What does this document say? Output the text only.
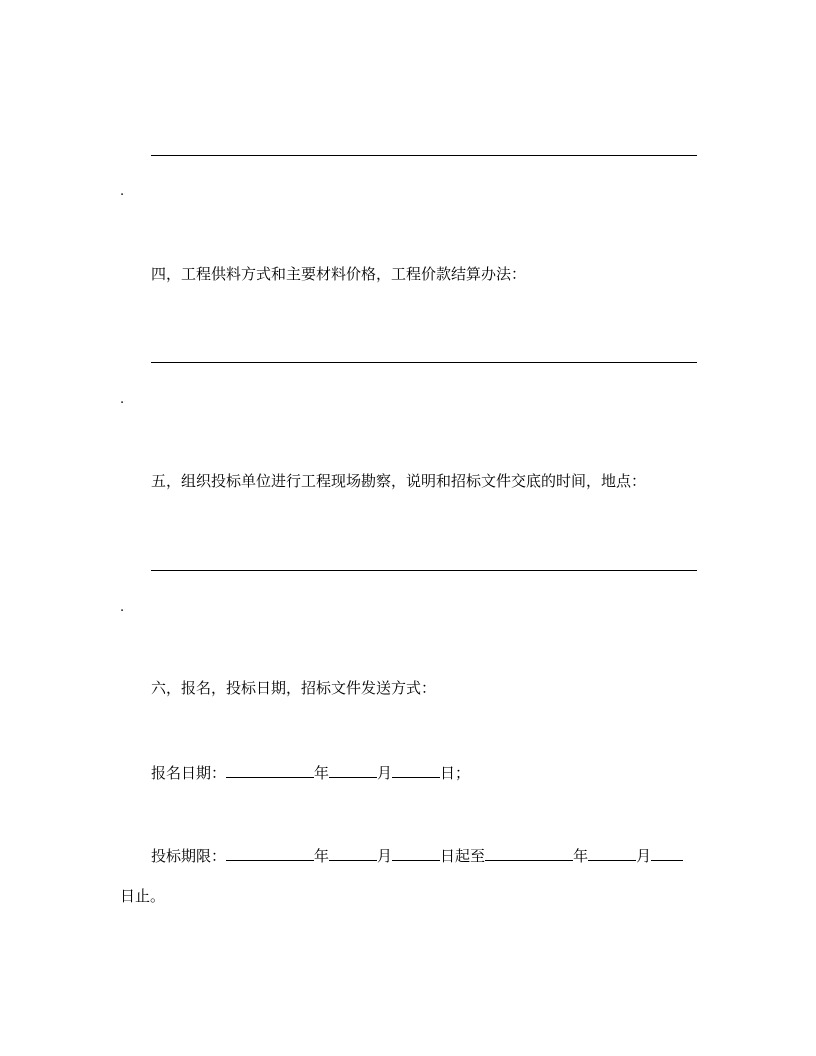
.
四，工程供料方式和主要材料价格，工程价款结算办法：
.
五，组织投标单位进行工程现场勘察，说明和招标文件交底的时间，地点：
.
六，报名，投标日期，招标文件发送方式：
报名日期：	年	月	日；
投标期限：	年	月	日起至	年	月
日止。
